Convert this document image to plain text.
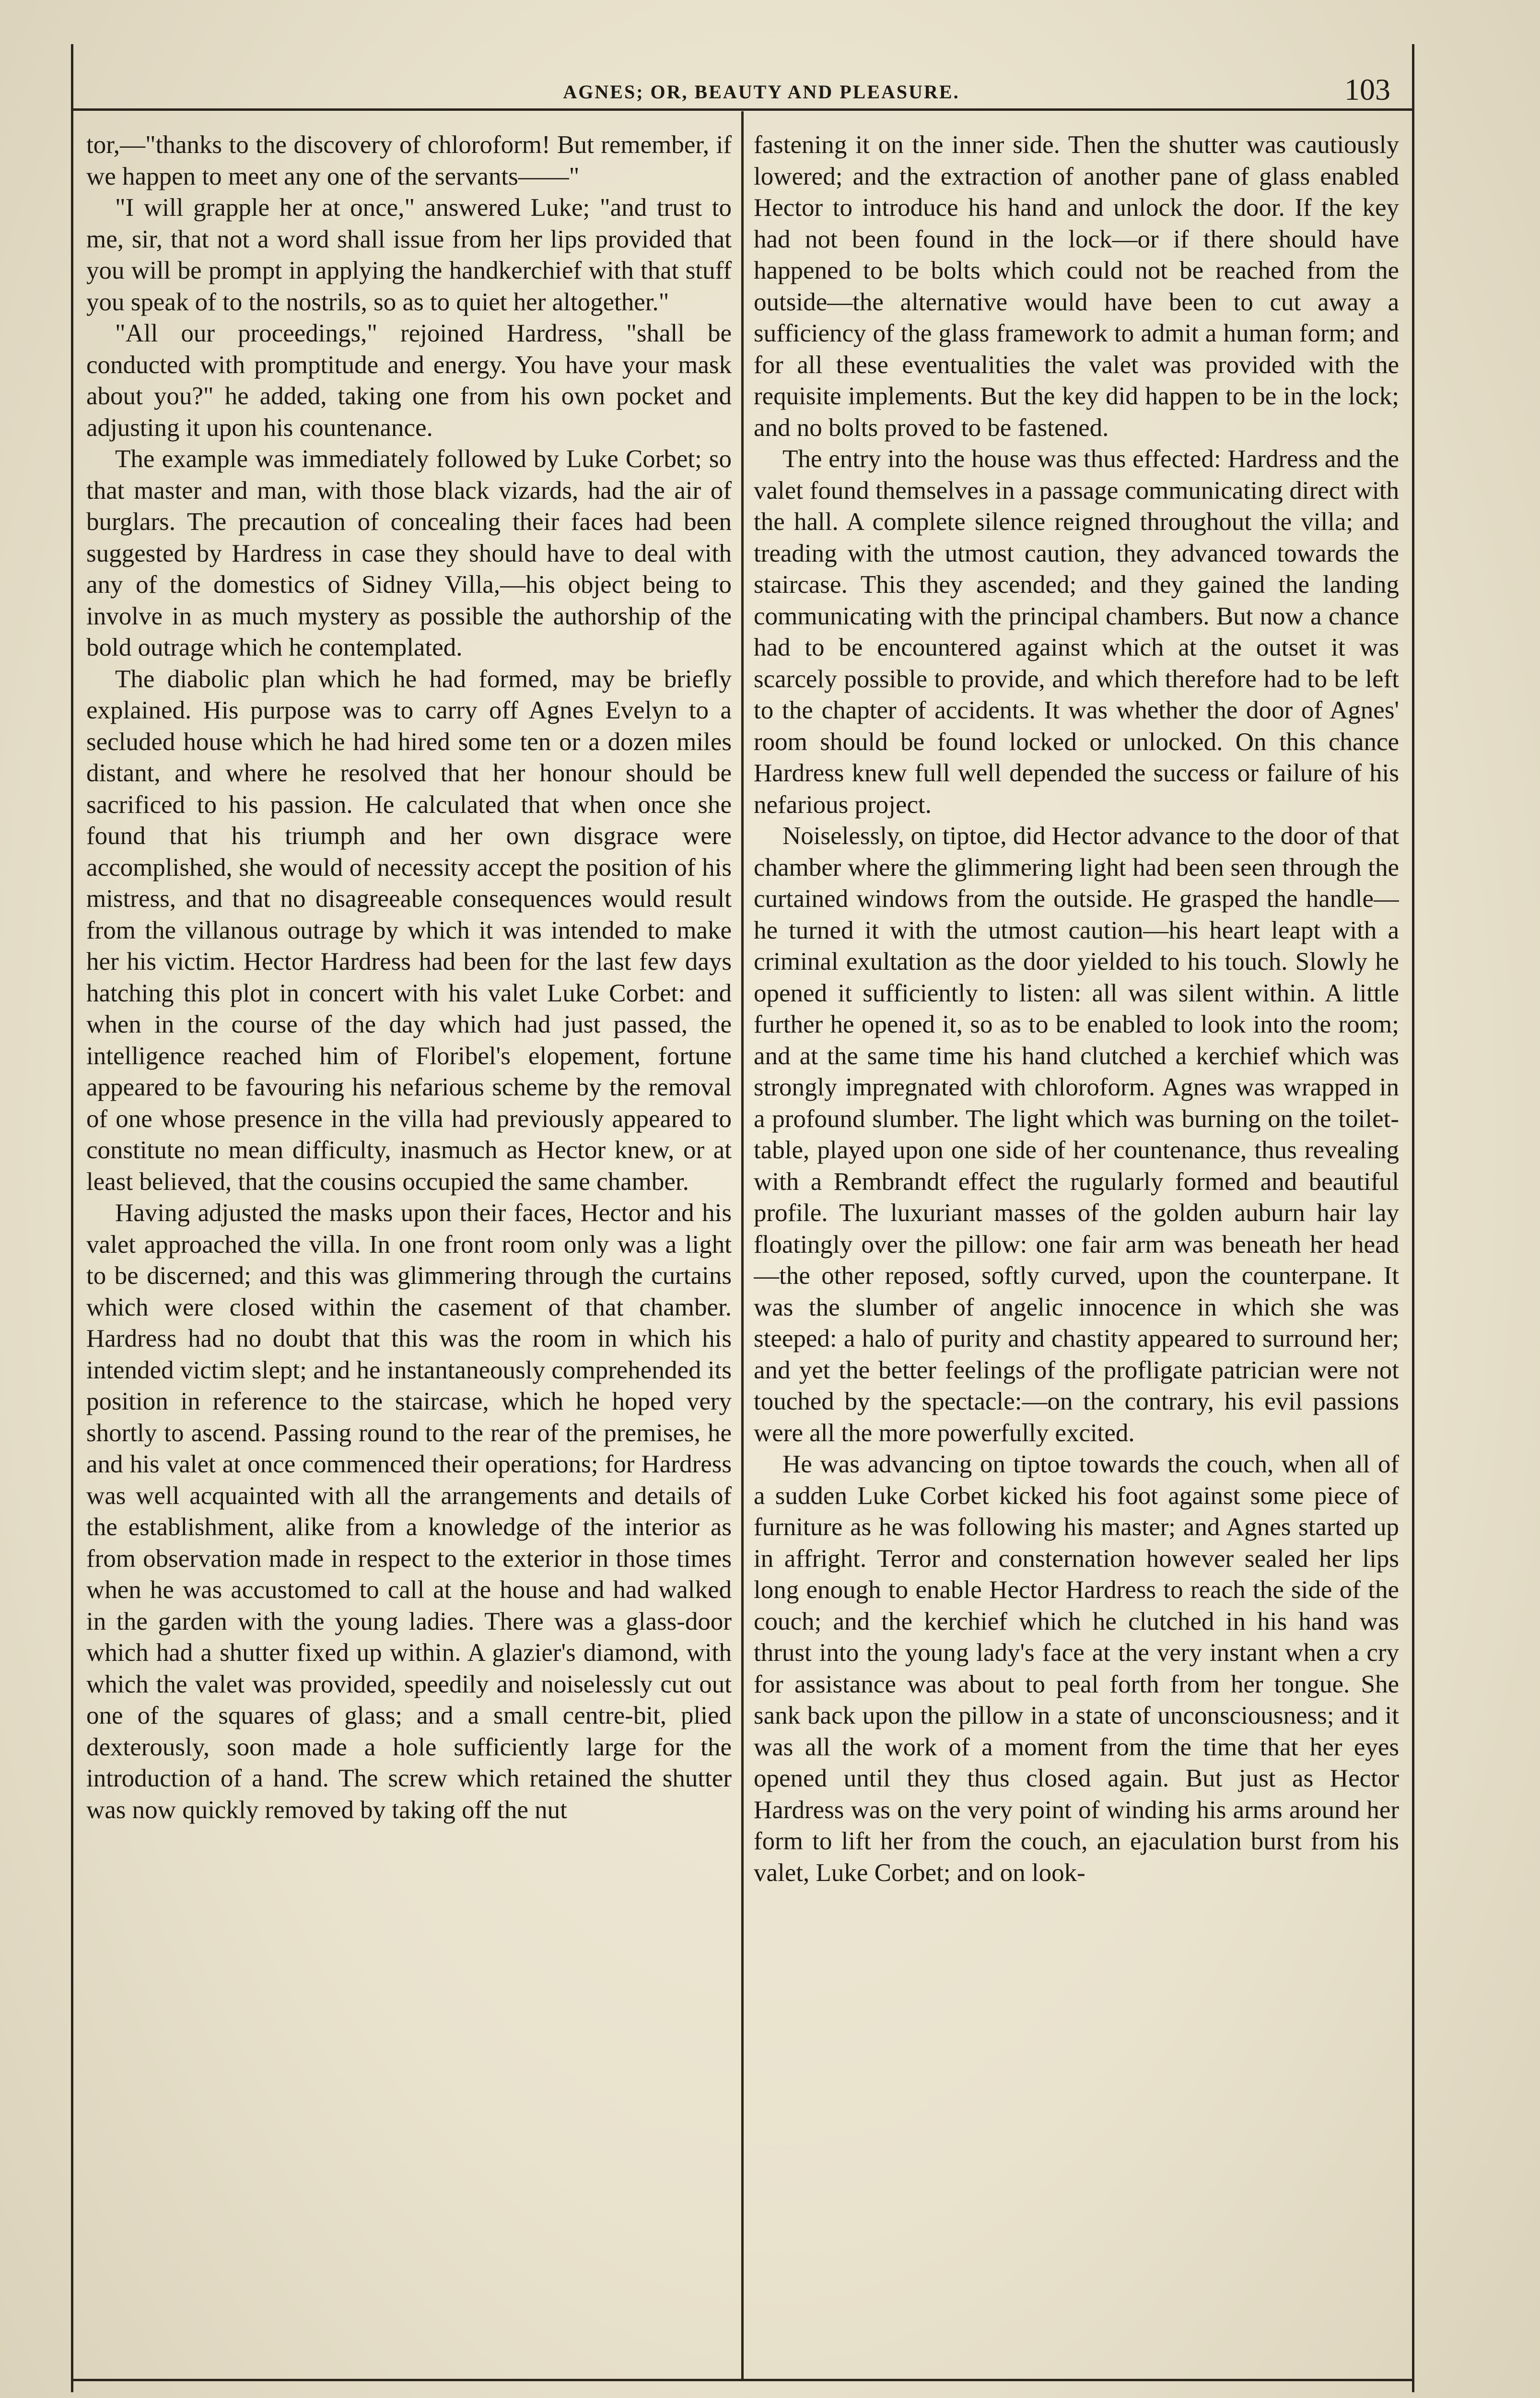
AGNES; OR, BEAUTY AND PLEASURE.	103

tor,—"thanks to the discovery of chloroform! But remember, if we happen to meet any one of the servants——"

"I will grapple her at once," answered Luke; "and trust to me, sir, that not a word shall issue from her lips provided that you will be prompt in applying the handkerchief with that stuff you speak of to the nostrils, so as to quiet her altogether."

"All our proceedings," rejoined Hardress, "shall be conducted with promptitude and energy. You have your mask about you?" he added, taking one from his own pocket and adjusting it upon his countenance.

The example was immediately followed by Luke Corbet; so that master and man, with those black vizards, had the air of burglars. The precaution of concealing their faces had been suggested by Hardress in case they should have to deal with any of the domestics of Sidney Villa,—his object being to involve in as much mystery as possible the authorship of the bold outrage which he contemplated.

The diabolic plan which he had formed, may be briefly explained. His purpose was to carry off Agnes Evelyn to a secluded house which he had hired some ten or a dozen miles distant, and where he resolved that her honour should be sacrificed to his passion. He calculated that when once she found that his triumph and her own disgrace were accomplished, she would of necessity accept the position of his mistress, and that no disagreeable consequences would result from the villanous outrage by which it was intended to make her his victim. Hector Hardress had been for the last few days hatching this plot in concert with his valet Luke Corbet: and when in the course of the day which had just passed, the intelligence reached him of Floribel's elopement, fortune appeared to be favouring his nefarious scheme by the removal of one whose presence in the villa had previously appeared to constitute no mean difficulty, inasmuch as Hector knew, or at least believed, that the cousins occupied the same chamber.

Having adjusted the masks upon their faces, Hector and his valet approached the villa. In one front room only was a light to be discerned; and this was glimmering through the curtains which were closed within the casement of that chamber. Hardress had no doubt that this was the room in which his intended victim slept; and he instantaneously comprehended its position in reference to the staircase, which he hoped very shortly to ascend. Passing round to the rear of the premises, he and his valet at once commenced their operations; for Hardress was well acquainted with all the arrangements and details of the establishment, alike from a knowledge of the interior as from observation made in respect to the exterior in those times when he was accustomed to call at the house and had walked in the garden with the young ladies. There was a glass-door which had a shutter fixed up within. A glazier's diamond, with which the valet was provided, speedily and noiselessly cut out one of the squares of glass; and a small centre-bit, plied dexterously, soon made a hole sufficiently large for the introduction of a hand. The screw which retained the shutter was now quickly removed by taking off the nut

fastening it on the inner side. Then the shutter was cautiously lowered; and the extraction of another pane of glass enabled Hector to introduce his hand and unlock the door. If the key had not been found in the lock—or if there should have happened to be bolts which could not be reached from the outside—the alternative would have been to cut away a sufficiency of the glass framework to admit a human form; and for all these eventualities the valet was provided with the requisite implements. But the key did happen to be in the lock; and no bolts proved to be fastened.

The entry into the house was thus effected: Hardress and the valet found themselves in a passage communicating direct with the hall. A complete silence reigned throughout the villa; and treading with the utmost caution, they advanced towards the staircase. This they ascended; and they gained the landing communicating with the principal chambers. But now a chance had to be encountered against which at the outset it was scarcely possible to provide, and which therefore had to be left to the chapter of accidents. It was whether the door of Agnes' room should be found locked or unlocked. On this chance Hardress knew full well depended the success or failure of his nefarious project.

Noiselessly, on tiptoe, did Hector advance to the door of that chamber where the glimmering light had been seen through the curtained windows from the outside. He grasped the handle—he turned it with the utmost caution—his heart leapt with a criminal exultation as the door yielded to his touch. Slowly he opened it sufficiently to listen: all was silent within. A little further he opened it, so as to be enabled to look into the room; and at the same time his hand clutched a kerchief which was strongly impregnated with chloroform. Agnes was wrapped in a profound slumber. The light which was burning on the toilet-table, played upon one side of her countenance, thus revealing with a Rembrandt effect the rugularly formed and beautiful profile. The luxuriant masses of the golden auburn hair lay floatingly over the pillow: one fair arm was beneath her head—the other reposed, softly curved, upon the counterpane. It was the slumber of angelic innocence in which she was steeped: a halo of purity and chastity appeared to surround her; and yet the better feelings of the profligate patrician were not touched by the spectacle:—on the contrary, his evil passions were all the more powerfully excited.

He was advancing on tiptoe towards the couch, when all of a sudden Luke Corbet kicked his foot against some piece of furniture as he was following his master; and Agnes started up in affright. Terror and consternation however sealed her lips long enough to enable Hector Hardress to reach the side of the couch; and the kerchief which he clutched in his hand was thrust into the young lady's face at the very instant when a cry for assistance was about to peal forth from her tongue. She sank back upon the pillow in a state of unconsciousness; and it was all the work of a moment from the time that her eyes opened until they thus closed again. But just as Hector Hardress was on the very point of winding his arms around her form to lift her from the couch, an ejaculation burst from his valet, Luke Corbet; and on look-
